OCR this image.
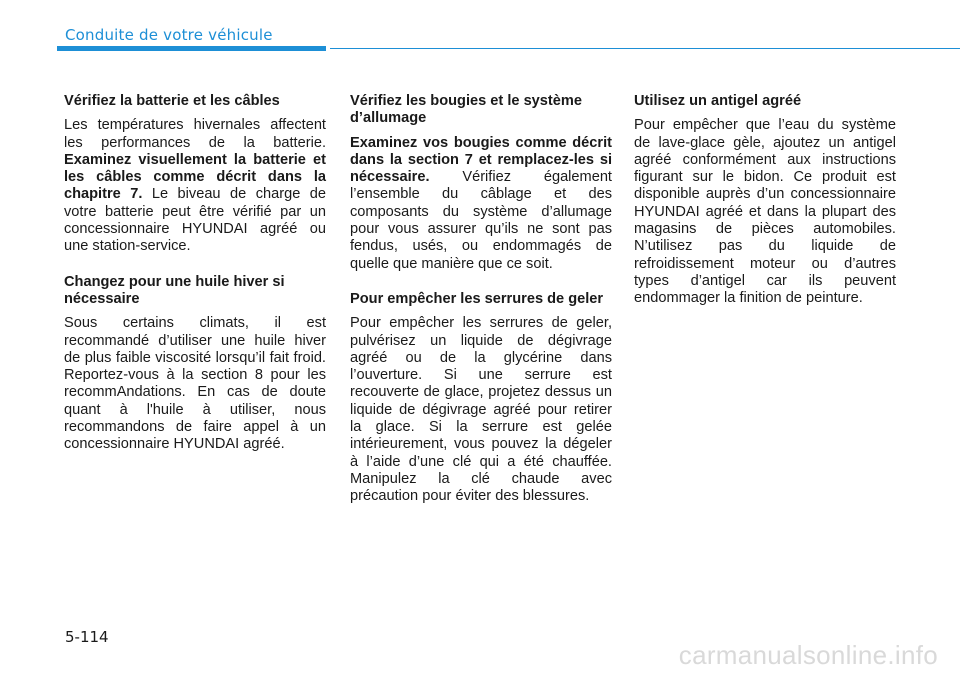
Conduite de votre véhicule
Vérifiez la batterie et les câbles

Les températures hivernales affectent les performances de la batterie. Examinez visuellement la batterie et les câbles comme décrit dans la chapitre 7. Le biveau de charge de votre batterie peut être vérifié par un concessionnaire HYUNDAI agréé ou une station-service.

Changez pour une huile hiver si nécessaire

Sous certains climats, il est recommandé d’utiliser une huile hiver de plus faible viscosité lorsqu’il fait froid. Reportez-vous à la section 8 pour les recommAndations. En cas de doute quant à l'huile à utiliser, nous recommandons de faire appel à un concessionnaire HYUNDAI agréé.

Vérifiez les bougies et le système d’allumage

Examinez vos bougies comme décrit dans la section 7 et remplacez-les si nécessaire. Vérifiez également l’ensemble du câblage et des composants du système d’allumage pour vous assurer qu’ils ne sont pas fendus, usés, ou endommagés de quelle que manière que ce soit.

Pour empêcher les serrures de geler

Pour empêcher les serrures de geler, pulvérisez un liquide de dégivrage agréé ou de la glycérine dans l’ouverture. Si une serrure est recouverte de glace, projetez dessus un liquide de dégivrage agréé pour retirer la glace. Si la serrure est gelée intérieurement, vous pouvez la dégeler à l’aide d’une clé qui a été chauffée. Manipulez la clé chaude avec précaution pour éviter des blessures.

Utilisez un antigel agréé

Pour empêcher que l’eau du système de lave-glace gèle, ajoutez un antigel agréé conformément aux instructions figurant sur le bidon. Ce produit est disponible auprès d’un concessionnaire HYUNDAI agréé et dans la plupart des magasins de pièces automobiles. N’utilisez pas du liquide de refroidissement moteur ou d’autres types d’antigel car ils peuvent endommager la finition de peinture.

5-114
carmanualsonline.info
